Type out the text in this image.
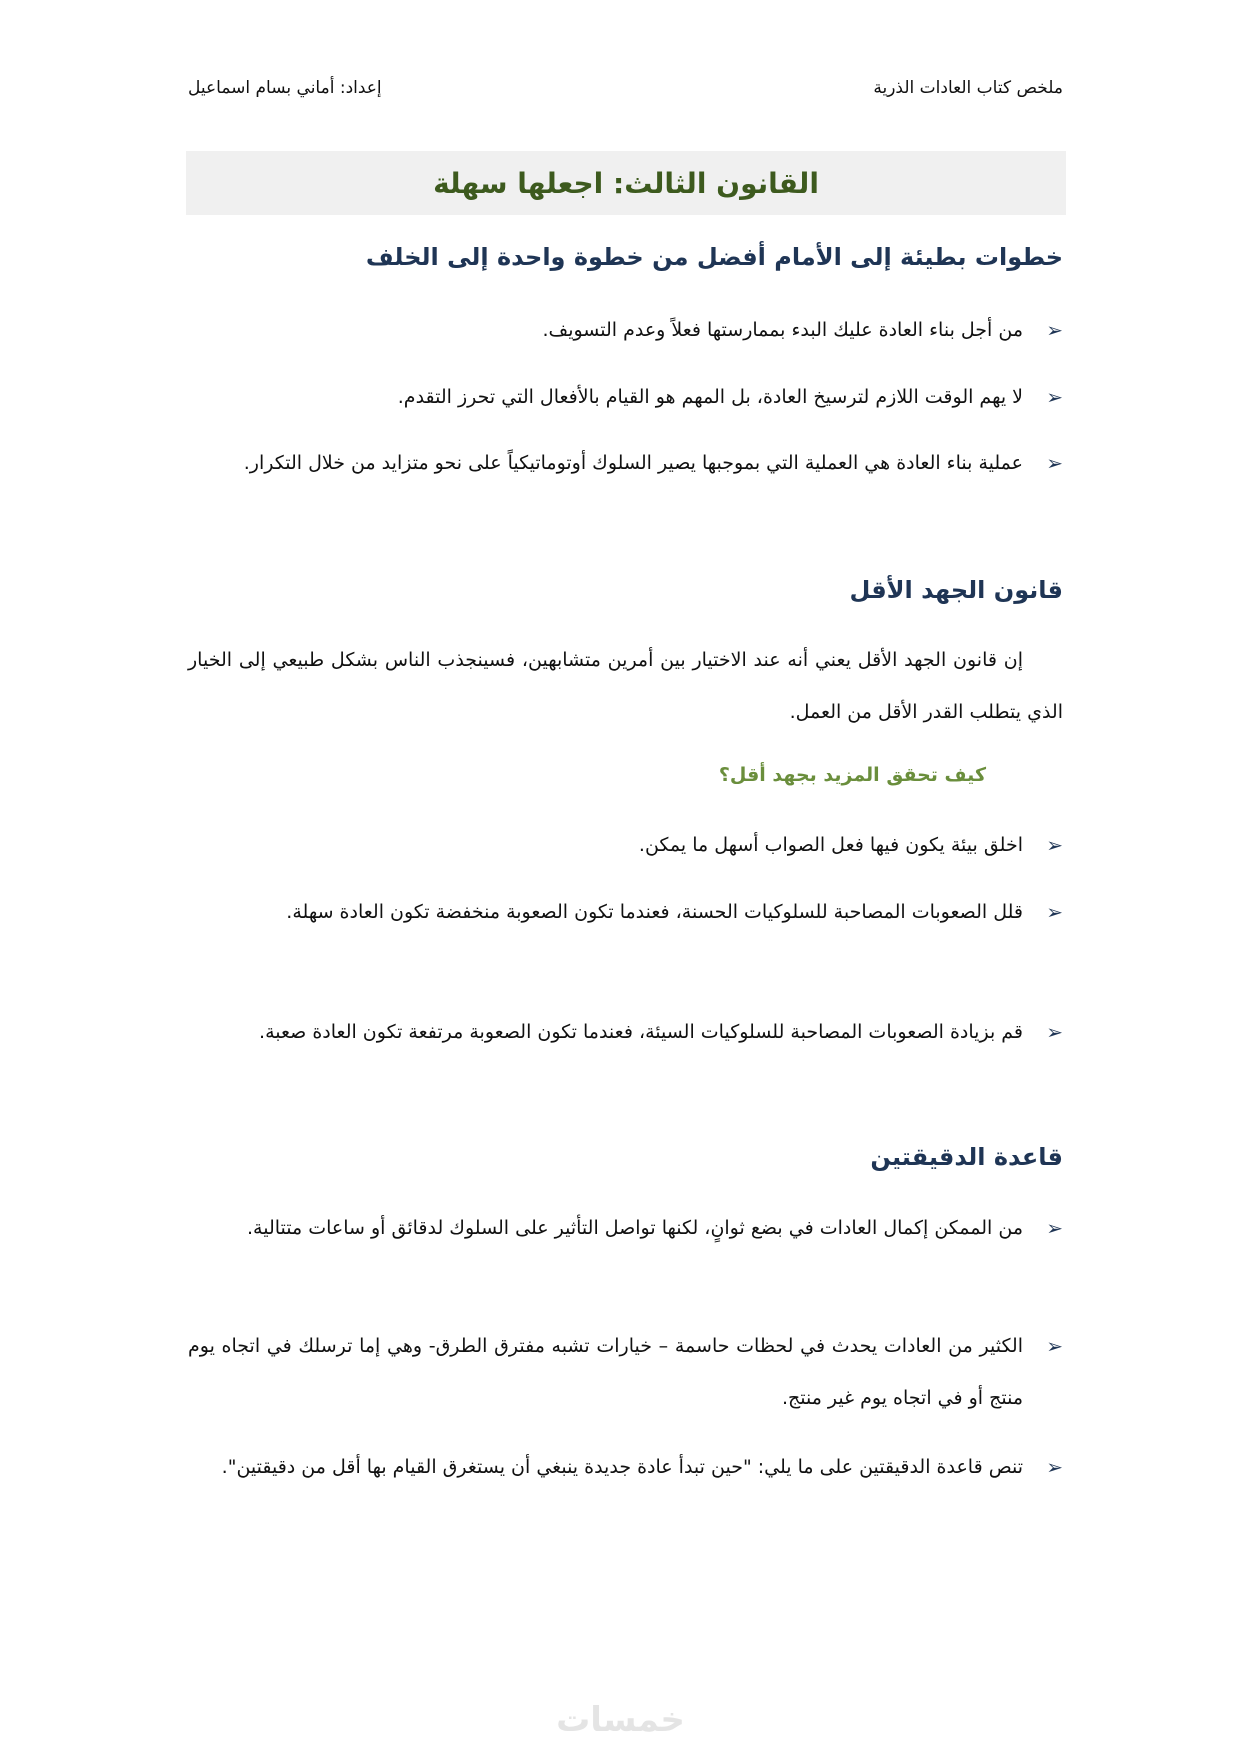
ملخص كتاب العادات الذرية
إعداد: أماني بسام اسماعيل
القانون الثالث: اجعلها سهلة
خطوات بطيئة إلى الأمام أفضل من خطوة واحدة إلى الخلف
➢
من أجل بناء العادة عليك البدء بممارستها فعلاً وعدم التسويف.
➢
لا يهم الوقت اللازم لترسيخ العادة، بل المهم هو القيام بالأفعال التي تحرز التقدم.
➢
عملية بناء العادة هي العملية التي بموجبها يصير السلوك أوتوماتيكياً على نحو متزايد من خلال التكرار.
قانون الجهد الأقل
إن قانون الجهد الأقل يعني أنه عند الاختيار بين أمرين متشابهين، فسينجذب الناس بشكل طبيعي إلى الخيار الذي يتطلب القدر الأقل من العمل.
كيف تحقق المزيد بجهد أقل؟
➢
اخلق بيئة يكون فيها فعل الصواب أسهل ما يمكن.
➢
قلل الصعوبات المصاحبة للسلوكيات الحسنة، فعندما تكون الصعوبة منخفضة تكون العادة سهلة.
➢
قم بزيادة الصعوبات المصاحبة للسلوكيات السيئة، فعندما تكون الصعوبة مرتفعة تكون العادة صعبة.
قاعدة الدقيقتين
➢
من الممكن إكمال العادات في بضع ثوانٍ، لكنها تواصل التأثير على السلوك لدقائق أو ساعات متتالية.
➢
الكثير من العادات يحدث في لحظات حاسمة – خيارات تشبه مفترق الطرق- وهي إما ترسلك في اتجاه يوم منتج أو في اتجاه يوم غير منتج.
➢
تنص قاعدة الدقيقتين على ما يلي: "حين تبدأ عادة جديدة ينبغي أن يستغرق القيام بها أقل من دقيقتين".
خمسات
